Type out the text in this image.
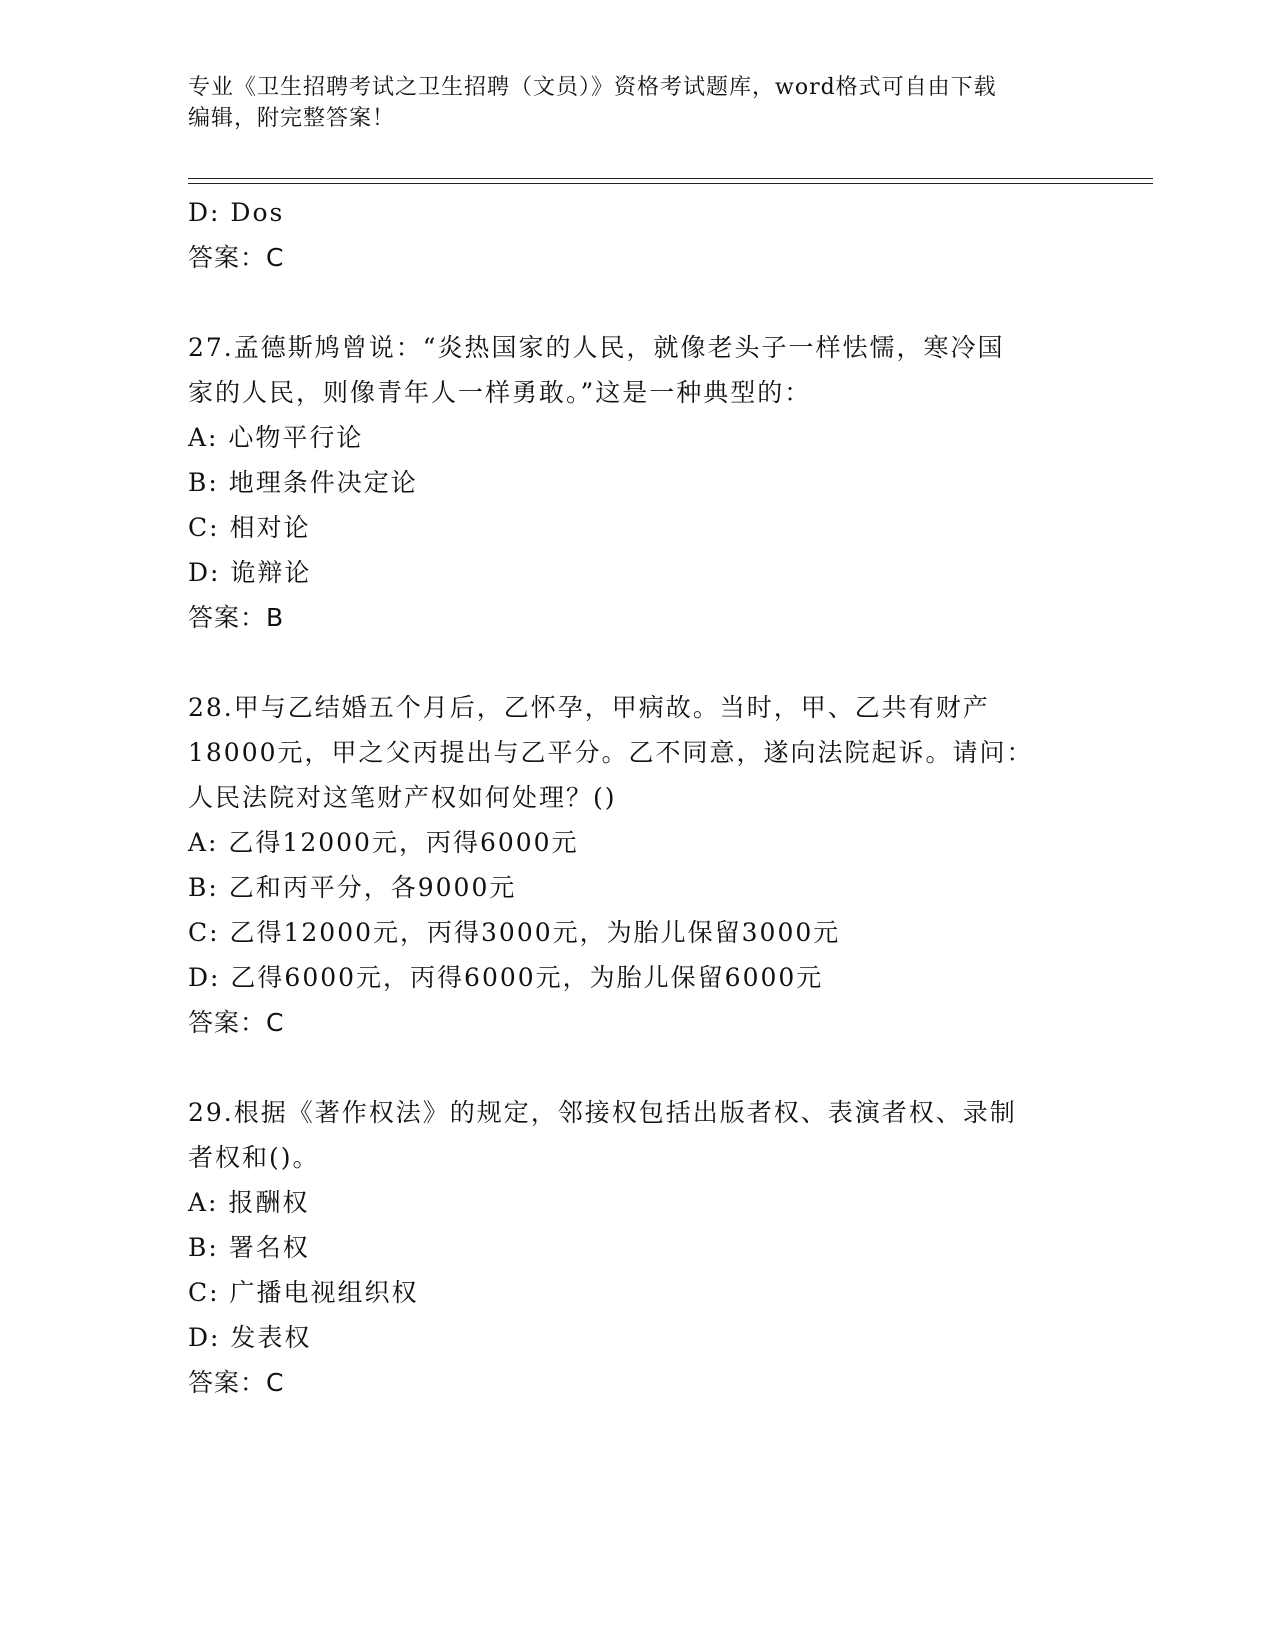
专业《卫生招聘考试之卫生招聘（文员）》资格考试题库，word格式可自由下载
编辑，附完整答案！
D: Dos
答案：C
27.孟德斯鸠曾说：“炎热国家的人民，就像老头子一样怯懦，寒冷国
家的人民，则像青年人一样勇敢。”这是一种典型的：
A: 心物平行论
B: 地理条件决定论
C: 相对论
D: 诡辩论
答案：B
28.甲与乙结婚五个月后，乙怀孕，甲病故。当时，甲、乙共有财产
18000元，甲之父丙提出与乙平分。乙不同意，遂向法院起诉。请问：
人民法院对这笔财产权如何处理？()
A: 乙得12000元，丙得6000元
B: 乙和丙平分，各9000元
C: 乙得12000元，丙得3000元，为胎儿保留3000元
D: 乙得6000元，丙得6000元，为胎儿保留6000元
答案：C
29.根据《著作权法》的规定，邻接权包括出版者权、表演者权、录制
者权和()。
A: 报酬权
B: 署名权
C: 广播电视组织权
D: 发表权
答案：C
